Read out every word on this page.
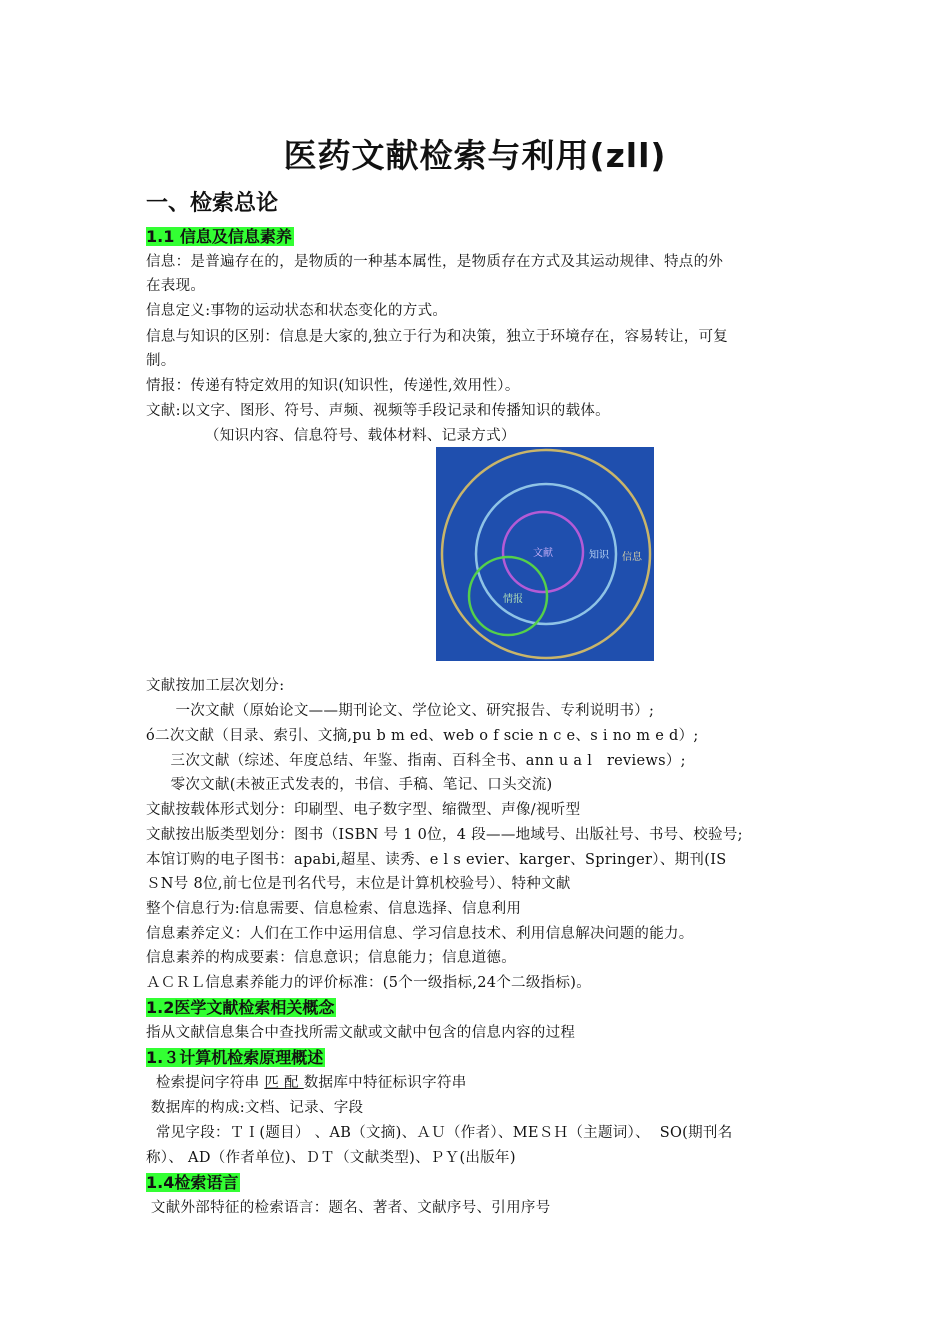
医药文献检索与利用(zll)
一、检索总论
1.1 信息及信息素养
信息：是普遍存在的，是物质的一种基本属性，是物质存在方式及其运动规律、特点的外
在表现。
信息定义:事物的运动状态和状态变化的方式。
信息与知识的区别：信息是大家的,独立于行为和决策，独立于环境存在，容易转让，可复
制。
情报：传递有特定效用的知识(知识性，传递性,效用性）。
文献:以文字、图形、符号、声频、视频等手段记录和传播知识的载体。
（知识内容、信息符号、载体材料、记录方式）
文献	知识 信息
情报
文献按加工层次划分:
一次文献（原始论文——期刊论文、学位论文、研究报告、专利说明书）;
ó二次文献（目录、索引、文摘,pu b m ed、web o f scie n c e、s i no m e d）;
三次文献（综述、年度总结、年鉴、指南、百科全书、ann u a l   reviews）;
零次文献(未被正式发表的，书信、手稿、笔记、口头交流)
文献按载体形式划分：印刷型、电子数字型、缩微型、声像/视听型
文献按出版类型划分：图书（ISBN 号 1 0位，4 段——地域号、出版社号、书号、校验号;
本馆订购的电子图书：apabi,超星、读秀、e l s evier、karger、Springer）、期刊(IS
ＳN号 8位,前七位是刊名代号，末位是计算机校验号）、特种文献
整个信息行为:信息需要、信息检索、信息选择、信息利用
信息素养定义：人们在工作中运用信息、学习信息技术、利用信息解决问题的能力。
信息素养的构成要素：信息意识；信息能力；信息道德。
ＡＣＲＬ信息素养能力的评价标准：(5个一级指标,24个二级指标)。
1.2医学文献检索相关概念
指从文献信息集合中查找所需文献或文献中包含的信息内容的过程
1.３计算机检索原理概述
检索提问字符串 匹 配 数据库中特征标识字符串
数据库的构成:文档、记录、字段
常见字段：ＴＩ(题目） 、AB（文摘)、ＡＵ（作者）、MEＳＨ（主题词）、  SO(期刊名
称）、 AD（作者单位)、ＤＴ（文献类型)、ＰＹ(出版年)
1.4检索语言
文献外部特征的检索语言：题名、著者、文献序号、引用序号
